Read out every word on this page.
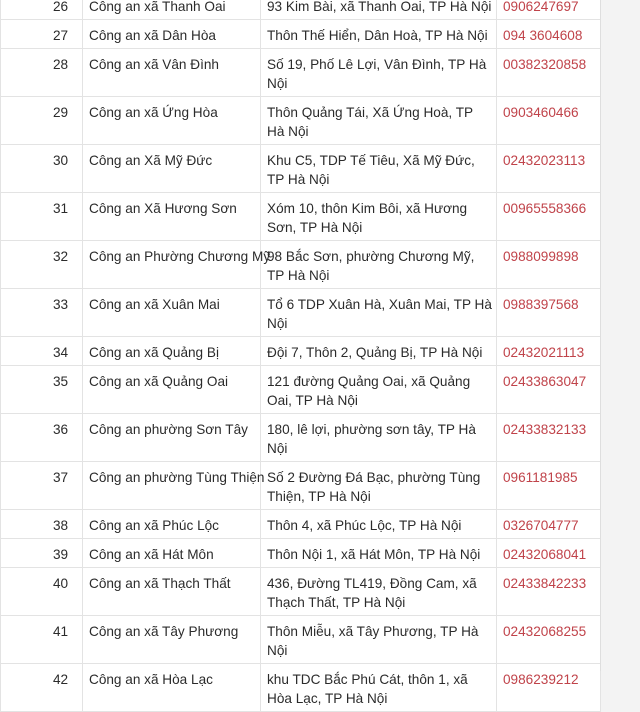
26	Công an xã Thanh Oai	93 Kim Bài, xã Thanh Oai, TP Hà Nội	0906247697
27	Công an xã Dân Hòa	Thôn Thế Hiển, Dân Hoà, TP Hà Nội	094 3604608
28	Công an xã Vân Đình	Số 19, Phố Lê Lợi, Vân Đình, TP Hà Nội	00382320858
29	Công an xã Ứng Hòa	Thôn Quảng Tái, Xã Ứng Hoà, TP Hà Nội	0903460466
30	Công an Xã Mỹ Đức	Khu C5, TDP Tế Tiêu, Xã Mỹ Đức, TP Hà Nội	02432023113
31	Công an Xã Hương Sơn	Xóm 10, thôn Kim Bôi, xã Hương Sơn, TP Hà Nội	00965558366
32	Công an Phường Chương Mỹ	98 Bắc Sơn, phường Chương Mỹ, TP Hà Nội	0988099898
33	Công an xã Xuân Mai	Tổ 6 TDP Xuân Hà, Xuân Mai, TP Hà Nội	0988397568
34	Công an xã Quảng Bị	Đội 7, Thôn 2, Quảng Bị, TP Hà Nội	02432021113
35	Công an xã Quảng Oai	121 đường Quảng Oai, xã Quảng Oai, TP Hà Nội	02433863047
36	Công an phường Sơn Tây	180, lê lợi, phường sơn tây, TP Hà Nội	02433832133
37	Công an phường Tùng Thiện	Số 2 Đường Đá Bạc, phường Tùng Thiện, TP Hà Nội	0961181985
38	Công an xã Phúc Lộc	Thôn 4, xã Phúc Lộc, TP Hà Nội	0326704777
39	Công an xã Hát Môn	Thôn Nội 1, xã Hát Môn, TP Hà Nội	02432068041
40	Công an xã Thạch Thất	436, Đường TL419, Đồng Cam, xã Thạch Thất, TP Hà Nội	02433842233
41	Công an xã Tây Phương	Thôn Miễu, xã Tây Phương, TP Hà Nội	02432068255
42	Công an xã Hòa Lạc	khu TDC Bắc Phú Cát, thôn 1, xã Hòa Lạc, TP Hà Nội	0986239212
